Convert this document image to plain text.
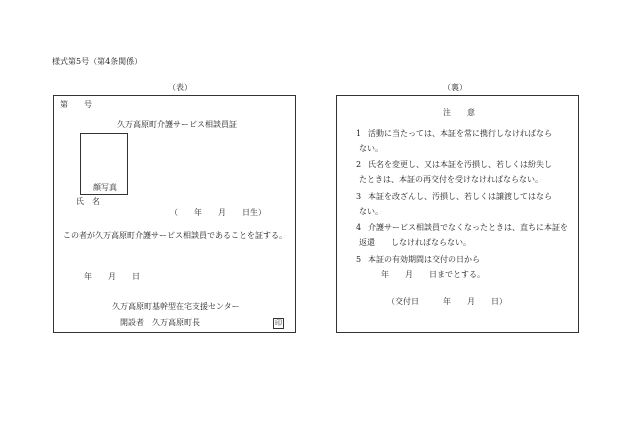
様式第5号（第4条関係）
（表）	（裏）
第　　号
久万高原町介護サービス相談員証
顔写真
氏　名
（　　年　　月　　日生）
この者が久万高原町介護サービス相談員であることを証する。
年　　月　　日
久万高原町基幹型在宅支援センター
開設者　久万高原町長	印
注　　意
1 活動に当たっては、本証を常に携行しなければなら
ない。
2 氏名を変更し、又は本証を汚損し、若しくは紛失し
たときは、本証の再交付を受けなければならない。
3 本証を改ざんし、汚損し、若しくは譲渡してはなら
ない。
4 介護サービス相談員でなくなったときは、直ちに本証を
返還　　しなければならない。
5 本証の有効期間は交付の日から
年　　月　　日までとする。
（交付日　　　年　　月　　日）
